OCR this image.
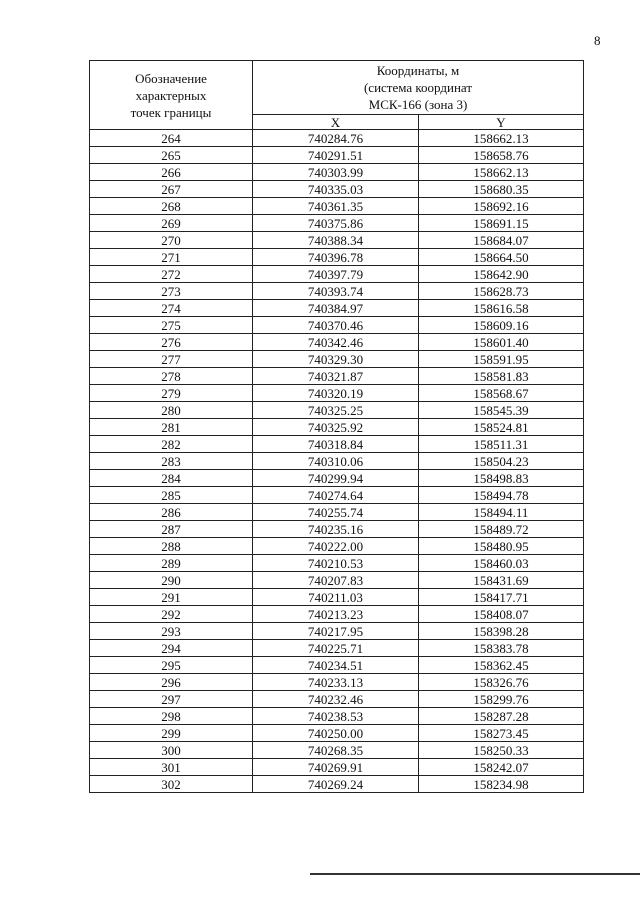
8
Обозначение
характерных
точек границы	Координаты, м
(система координат
МСК-166 (зона 3)	

	X	Y
264	740284.76	158662.13
265	740291.51	158658.76
266	740303.99	158662.13
267	740335.03	158680.35
268	740361.35	158692.16
269	740375.86	158691.15
270	740388.34	158684.07
271	740396.78	158664.50
272	740397.79	158642.90
273	740393.74	158628.73
274	740384.97	158616.58
275	740370.46	158609.16
276	740342.46	158601.40
277	740329.30	158591.95
278	740321.87	158581.83
279	740320.19	158568.67
280	740325.25	158545.39
281	740325.92	158524.81
282	740318.84	158511.31
283	740310.06	158504.23
284	740299.94	158498.83
285	740274.64	158494.78
286	740255.74	158494.11
287	740235.16	158489.72
288	740222.00	158480.95
289	740210.53	158460.03
290	740207.83	158431.69
291	740211.03	158417.71
292	740213.23	158408.07
293	740217.95	158398.28
294	740225.71	158383.78
295	740234.51	158362.45
296	740233.13	158326.76
297	740232.46	158299.76
298	740238.53	158287.28
299	740250.00	158273.45
300	740268.35	158250.33
301	740269.91	158242.07
302	740269.24	158234.98
